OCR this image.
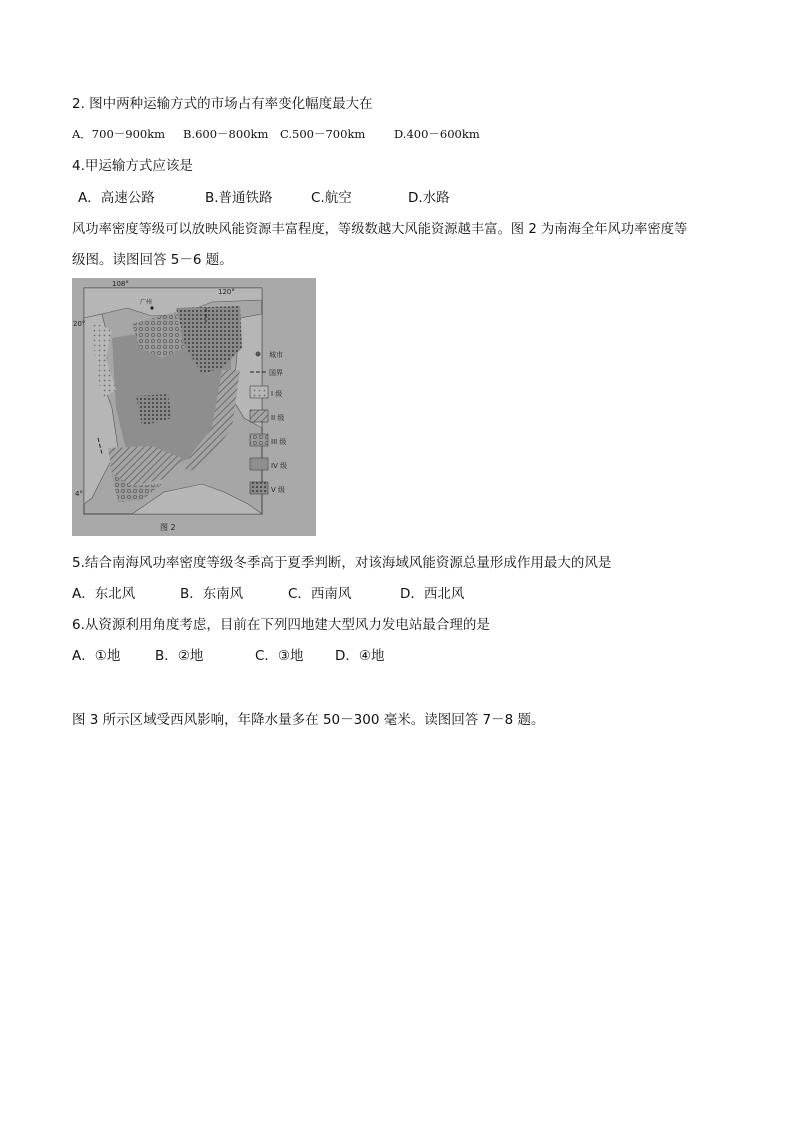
2. 图中两种运输方式的市场占有率变化幅度最大在
A．700－900km B.600－800km C.500－700km D.400－600km
4.甲运输方式应该是
A．高速公路	B.普通铁路	C.航空	D.水路
风功率密度等级可以放映风能资源丰富程度，等级数越大风能资源越丰富。图 2 为南海全年风功率密度等
级图。读图回答 5－6 题。
108°
120°
20°
4°
广州
城市
国界
I 级
II 级
III 级
IV 级
V 级
图 2
5.结合南海风功率密度等级冬季高于夏季判断，对该海域风能资源总量形成作用最大的风是
A．东北风	B．东南风	C．西南风	D．西北风
6.从资源利用角度考虑，目前在下列四地建大型风力发电站最合理的是
A．①地	B．②地	C．③地 D．④地
图 3 所示区域受西风影响，年降水量多在 50－300 毫米。读图回答 7－8 题。
